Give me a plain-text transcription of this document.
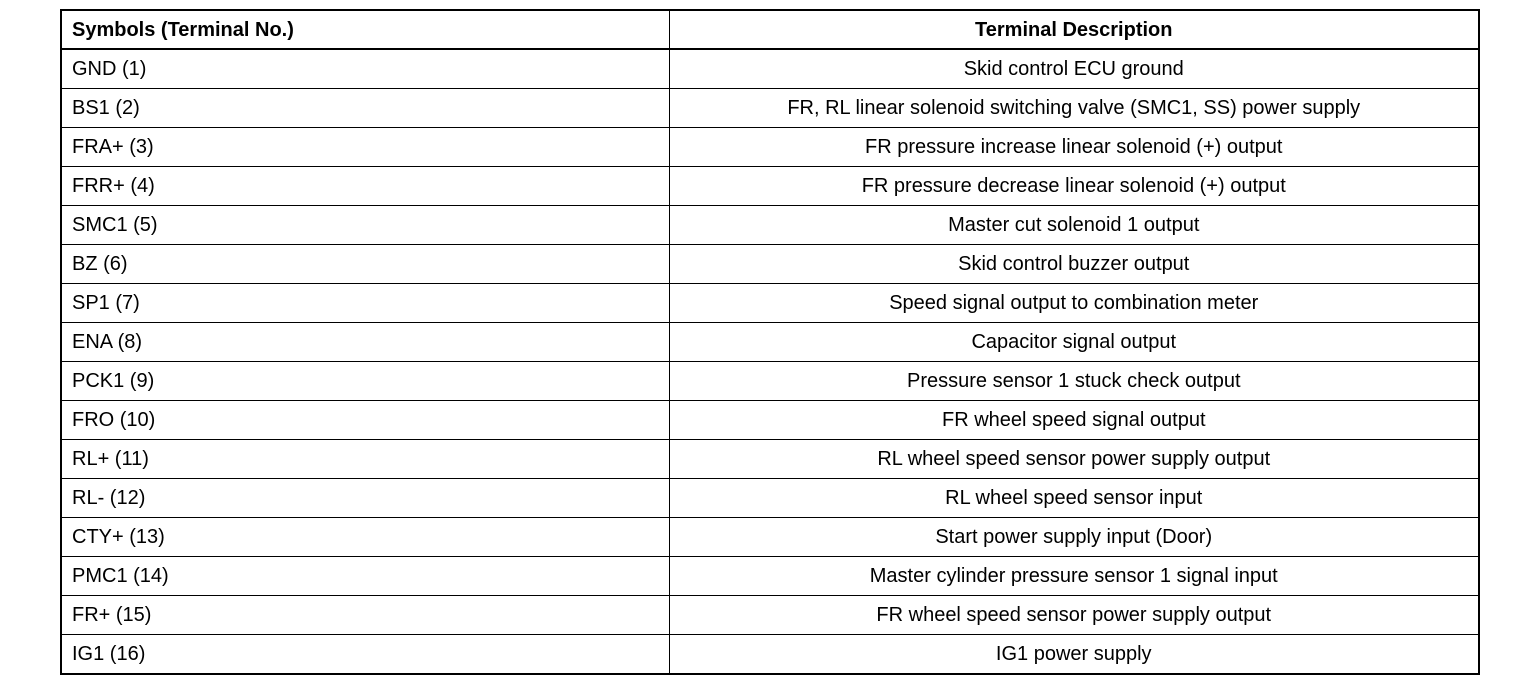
Symbols (Terminal No.)	Terminal Description
GND (1)	Skid control ECU ground
BS1 (2)	FR, RL linear solenoid switching valve (SMC1, SS) power supply
FRA+ (3)	FR pressure increase linear solenoid (+) output
FRR+ (4)	FR pressure decrease linear solenoid (+) output
SMC1 (5)	Master cut solenoid 1 output
BZ (6)	Skid control buzzer output
SP1 (7)	Speed signal output to combination meter
ENA (8)	Capacitor signal output
PCK1 (9)	Pressure sensor 1 stuck check output
FRO (10)	FR wheel speed signal output
RL+ (11)	RL wheel speed sensor power supply output
RL- (12)	RL wheel speed sensor input
CTY+ (13)	Start power supply input (Door)
PMC1 (14)	Master cylinder pressure sensor 1 signal input
FR+ (15)	FR wheel speed sensor power supply output
IG1 (16)	IG1 power supply
